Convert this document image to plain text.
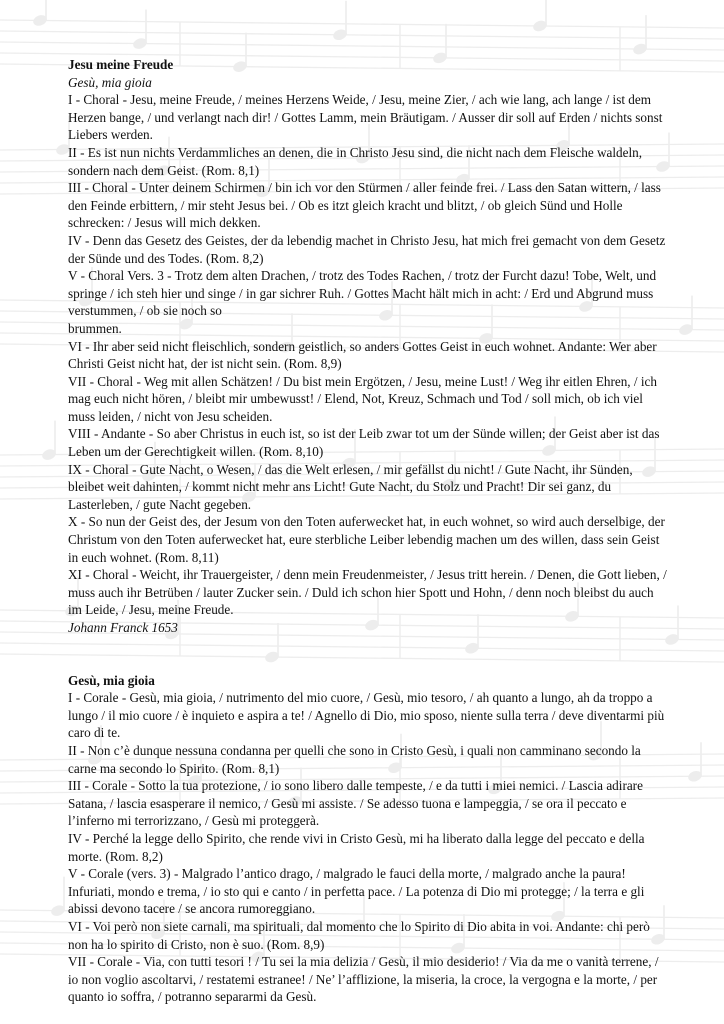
Jesu meine Freude
Gesù, mia gioia
I - Choral - Jesu, meine Freude, / meines Herzens Weide, / Jesu, meine Zier, / ach wie lang, ach lange / ist dem Herzen bange, / und verlangt nach dir! / Gottes Lamm, mein Bräutigam. / Ausser dir soll auf Erden / nichts sonst Liebers werden.
II - Es ist nun nichts Verdammliches an denen, die in Christo Jesu sind, die nicht nach dem Fleische waldeln, sondern nach dem Geist. (Rom. 8,1)
III - Choral - Unter deinem Schirmen / bin ich vor den Stürmen / aller feinde frei. / Lass den Satan wittern, / lass den Feinde erbittern, / mir steht Jesus bei. / Ob es itzt gleich kracht und blitzt, / ob gleich Sünd und Holle schrecken: / Jesus will mich dekken.
IV - Denn das Gesetz des Geistes, der da lebendig machet in Christo Jesu, hat mich frei gemacht von dem Gesetz der Sünde und des Todes. (Rom. 8,2)
V - Choral Vers. 3 - Trotz dem alten Drachen, / trotz des Todes Rachen, / trotz der Furcht dazu! Tobe, Welt, und springe / ich steh hier und singe / in gar sichrer Ruh. / Gottes Macht hält mich in acht: / Erd und Abgrund muss verstummen, / ob sie noch so
brummen.
VI - Ihr aber seid nicht fleischlich, sondern geistlich, so anders Gottes Geist in euch wohnet. Andante: Wer aber Christi Geist nicht hat, der ist nicht sein. (Rom. 8,9)
VII - Choral - Weg mit allen Schätzen! / Du bist mein Ergötzen, / Jesu, meine Lust! / Weg ihr eitlen Ehren, / ich mag euch nicht hören, / bleibt mir umbewusst! / Elend, Not, Kreuz, Schmach und Tod / soll mich, ob ich viel muss leiden, / nicht von Jesu scheiden.
VIII - Andante - So aber Christus in euch ist, so ist der Leib zwar tot um der Sünde willen; der Geist aber ist das Leben um der Gerechtigkeit willen. (Rom. 8,10)
IX - Choral - Gute Nacht, o Wesen, / das die Welt erlesen, / mir gefällst du nicht! / Gute Nacht, ihr Sünden, bleibet weit dahinten, / kommt nicht mehr ans Licht! Gute Nacht, du Stolz und Pracht! Dir sei ganz, du Lasterleben, / gute Nacht gegeben.
X - So nun der Geist des, der Jesum von den Toten auferwecket hat, in euch wohnet, so wird auch derselbige, der Christum von den Toten auferwecket hat, eure sterbliche Leiber lebendig machen um des willen, dass sein Geist in euch wohnet. (Rom. 8,11)
XI - Choral - Weicht, ihr Trauergeister, / denn mein Freudenmeister, / Jesus tritt herein. / Denen, die Gott lieben, / muss auch ihr Betrüben / lauter Zucker sein. / Duld ich schon hier Spott und Hohn, / denn noch bleibst du auch im Leide, / Jesu, meine Freude.
Johann Franck 1653
Gesù, mia gioia
I - Corale - Gesù, mia gioia, / nutrimento del mio cuore, / Gesù, mio tesoro, / ah quanto a lungo, ah da troppo a lungo / il mio cuore / è inquieto e aspira a te! / Agnello di Dio, mio sposo, niente sulla terra / deve diventarmi più caro di te.
II - Non c’è dunque nessuna condanna per quelli che sono in Cristo Gesù, i quali non camminano secondo la carne ma secondo lo Spirito. (Rom. 8,1)
III - Corale - Sotto la tua protezione, / io sono libero dalle tempeste, / e da tutti i miei nemici. / Lascia adirare Satana, / lascia esasperare il nemico, / Gesù mi assiste. / Se adesso tuona e lampeggia, / se ora il peccato e l’inferno mi terrorizzano, / Gesù mi proteggerà.
IV - Perché la legge dello Spirito, che rende vivi in Cristo Gesù, mi ha liberato dalla legge del peccato e della morte. (Rom. 8,2)
V - Corale (vers. 3) - Malgrado l’antico drago, / malgrado le fauci della morte, / malgrado anche la paura! Infuriati, mondo e trema, / io sto qui e canto / in perfetta pace. / La potenza di Dio mi protegge; / la terra e gli abissi devono tacere / se ancora rumoreggiano.
VI - Voi però non siete carnali, ma spirituali, dal momento che lo Spirito di Dio abita in voi. Andante: chi però non ha lo spirito di Cristo, non è suo. (Rom. 8,9)
VII - Corale - Via, con tutti tesori ! / Tu sei la mia delizia / Gesù, il mio desiderio! / Via da me o vanità terrene, / io non voglio ascoltarvi, / restatemi estranee! / Ne’ l’afflizione, la miseria, la croce, la vergogna e la morte, / per quanto io soffra, / potranno separarmi da Gesù.
